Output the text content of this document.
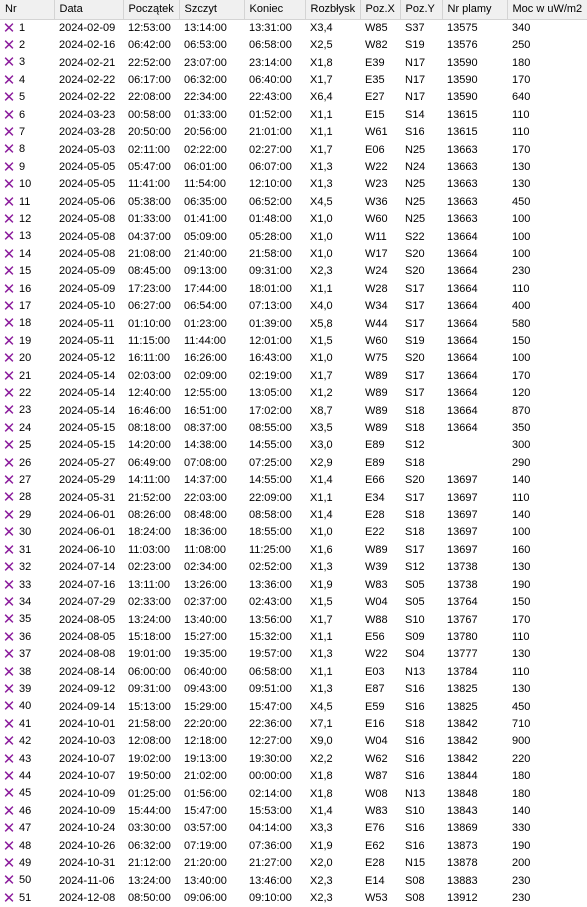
Nr	Data	Początek	Szczyt	Koniec	Rozbłysk	Poz.X	Poz.Y	Nr plamy	Moc w uW/m2
✕ 1	2024-02-09	12:53:00	13:14:00	13:31:00	X3,4	W85	S37	13575	340
✕ 2	2024-02-16	06:42:00	06:53:00	06:58:00	X2,5	W82	S19	13576	250
✕ 3	2024-02-21	22:52:00	23:07:00	23:14:00	X1,8	E39	N17	13590	180
✕ 4	2024-02-22	06:17:00	06:32:00	06:40:00	X1,7	E35	N17	13590	170
✕ 5	2024-02-22	22:08:00	22:34:00	22:43:00	X6,4	E27	N17	13590	640
✕ 6	2024-03-23	00:58:00	01:33:00	01:52:00	X1,1	E15	S14	13615	110
✕ 7	2024-03-28	20:50:00	20:56:00	21:01:00	X1,1	W61	S16	13615	110
✕ 8	2024-05-03	02:11:00	02:22:00	02:27:00	X1,7	E06	N25	13663	170
✕ 9	2024-05-05	05:47:00	06:01:00	06:07:00	X1,3	W22	N24	13663	130
✕ 10	2024-05-05	11:41:00	11:54:00	12:10:00	X1,3	W23	N25	13663	130
✕ 11	2024-05-06	05:38:00	06:35:00	06:52:00	X4,5	W36	N25	13663	450
✕ 12	2024-05-08	01:33:00	01:41:00	01:48:00	X1,0	W60	N25	13663	100
✕ 13	2024-05-08	04:37:00	05:09:00	05:28:00	X1,0	W11	S22	13664	100
✕ 14	2024-05-08	21:08:00	21:40:00	21:58:00	X1,0	W17	S20	13664	100
✕ 15	2024-05-09	08:45:00	09:13:00	09:31:00	X2,3	W24	S20	13664	230
✕ 16	2024-05-09	17:23:00	17:44:00	18:01:00	X1,1	W28	S17	13664	110
✕ 17	2024-05-10	06:27:00	06:54:00	07:13:00	X4,0	W34	S17	13664	400
✕ 18	2024-05-11	01:10:00	01:23:00	01:39:00	X5,8	W44	S17	13664	580
✕ 19	2024-05-11	11:15:00	11:44:00	12:01:00	X1,5	W60	S19	13664	150
✕ 20	2024-05-12	16:11:00	16:26:00	16:43:00	X1,0	W75	S20	13664	100
✕ 21	2024-05-14	02:03:00	02:09:00	02:19:00	X1,7	W89	S17	13664	170
✕ 22	2024-05-14	12:40:00	12:55:00	13:05:00	X1,2	W89	S17	13664	120
✕ 23	2024-05-14	16:46:00	16:51:00	17:02:00	X8,7	W89	S18	13664	870
✕ 24	2024-05-15	08:18:00	08:37:00	08:55:00	X3,5	W89	S18	13664	350
✕ 25	2024-05-15	14:20:00	14:38:00	14:55:00	X3,0	E89	S12		300
✕ 26	2024-05-27	06:49:00	07:08:00	07:25:00	X2,9	E89	S18		290
✕ 27	2024-05-29	14:11:00	14:37:00	14:55:00	X1,4	E66	S20	13697	140
✕ 28	2024-05-31	21:52:00	22:03:00	22:09:00	X1,1	E34	S17	13697	110
✕ 29	2024-06-01	08:26:00	08:48:00	08:58:00	X1,4	E28	S18	13697	140
✕ 30	2024-06-01	18:24:00	18:36:00	18:55:00	X1,0	E22	S18	13697	100
✕ 31	2024-06-10	11:03:00	11:08:00	11:25:00	X1,6	W89	S17	13697	160
✕ 32	2024-07-14	02:23:00	02:34:00	02:52:00	X1,3	W39	S12	13738	130
✕ 33	2024-07-16	13:11:00	13:26:00	13:36:00	X1,9	W83	S05	13738	190
✕ 34	2024-07-29	02:33:00	02:37:00	02:43:00	X1,5	W04	S05	13764	150
✕ 35	2024-08-05	13:24:00	13:40:00	13:56:00	X1,7	W88	S10	13767	170
✕ 36	2024-08-05	15:18:00	15:27:00	15:32:00	X1,1	E56	S09	13780	110
✕ 37	2024-08-08	19:01:00	19:35:00	19:57:00	X1,3	W22	S04	13777	130
✕ 38	2024-08-14	06:00:00	06:40:00	06:58:00	X1,1	E03	N13	13784	110
✕ 39	2024-09-12	09:31:00	09:43:00	09:51:00	X1,3	E87	S16	13825	130
✕ 40	2024-09-14	15:13:00	15:29:00	15:47:00	X4,5	E59	S16	13825	450
✕ 41	2024-10-01	21:58:00	22:20:00	22:36:00	X7,1	E16	S18	13842	710
✕ 42	2024-10-03	12:08:00	12:18:00	12:27:00	X9,0	W04	S16	13842	900
✕ 43	2024-10-07	19:02:00	19:13:00	19:30:00	X2,2	W62	S16	13842	220
✕ 44	2024-10-07	19:50:00	21:02:00	00:00:00	X1,8	W87	S16	13844	180
✕ 45	2024-10-09	01:25:00	01:56:00	02:14:00	X1,8	W08	N13	13848	180
✕ 46	2024-10-09	15:44:00	15:47:00	15:53:00	X1,4	W83	S10	13843	140
✕ 47	2024-10-24	03:30:00	03:57:00	04:14:00	X3,3	E76	S16	13869	330
✕ 48	2024-10-26	06:32:00	07:19:00	07:36:00	X1,9	E62	S16	13873	190
✕ 49	2024-10-31	21:12:00	21:20:00	21:27:00	X2,0	E28	N15	13878	200
✕ 50	2024-11-06	13:24:00	13:40:00	13:46:00	X2,3	E14	S08	13883	230
✕ 51	2024-12-08	08:50:00	09:06:00	09:10:00	X2,3	W53	S08	13912	230
